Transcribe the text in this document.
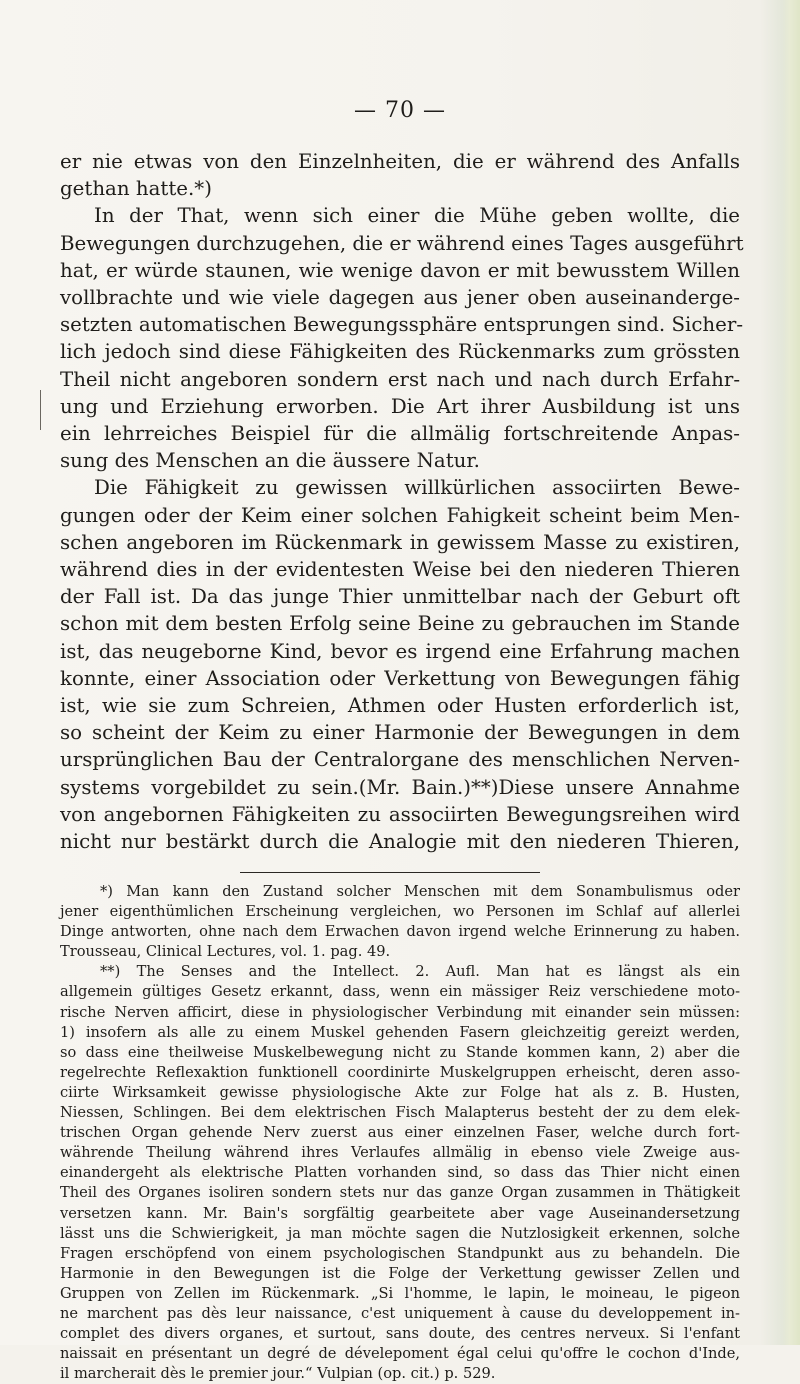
— 70 —
er nie etwas von den Einzelnheiten, die er während des Anfalls
gethan hatte.*)
In der That, wenn sich einer die Mühe geben wollte, die
Bewegungen durchzugehen, die er während eines Tages ausgeführt
hat, er würde staunen, wie wenige davon er mit bewusstem Willen
vollbrachte und wie viele dagegen aus jener oben auseinanderge-
setzten automatischen Bewegungssphäre entsprungen sind. Sicher-
lich jedoch sind diese Fähigkeiten des Rückenmarks zum grössten
Theil nicht angeboren sondern erst nach und nach durch Erfahr-
ung und Erziehung erworben. Die Art ihrer Ausbildung ist uns
ein lehrreiches Beispiel für die allmälig fortschreitende Anpas-
sung des Menschen an die äussere Natur.
Die Fähigkeit zu gewissen willkürlichen associirten Bewe-
gungen oder der Keim einer solchen Fahigkeit scheint beim Men-
schen angeboren im Rückenmark in gewissem Masse zu existiren,
während dies in der evidentesten Weise bei den niederen Thieren
der Fall ist. Da das junge Thier unmittelbar nach der Geburt oft
schon mit dem besten Erfolg seine Beine zu gebrauchen im Stande
ist, das neugeborne Kind, bevor es irgend eine Erfahrung machen
konnte, einer Association oder Verkettung von Bewegungen fähig
ist, wie sie zum Schreien, Athmen oder Husten erforderlich ist,
so scheint der Keim zu einer Harmonie der Bewegungen in dem
ursprünglichen Bau der Centralorgane des menschlichen Nerven-
systems vorgebildet zu sein.(Mr. Bain.)**)Diese unsere Annahme
von angebornen Fähigkeiten zu associirten Bewegungsreihen wird
nicht nur bestärkt durch die Analogie mit den niederen Thieren,
*) Man kann den Zustand solcher Menschen mit dem Sonambulismus oder
jener eigenthümlichen Erscheinung vergleichen, wo Personen im Schlaf auf allerlei
Dinge antworten, ohne nach dem Erwachen davon irgend welche Erinnerung zu haben.
Trousseau, Clinical Lectures, vol. 1. pag. 49.
**) The Senses and the Intellect. 2. Aufl. Man hat es längst als ein
allgemein gültiges Gesetz erkannt, dass, wenn ein mässiger Reiz verschiedene moto-
rische Nerven afficirt, diese in physiologischer Verbindung mit einander sein müssen:
1) insofern als alle zu einem Muskel gehenden Fasern gleichzeitig gereizt werden,
so dass eine theilweise Muskelbewegung nicht zu Stande kommen kann, 2) aber die
regelrechte Reflexaktion funktionell coordinirte Muskelgruppen erheischt, deren asso-
ciirte Wirksamkeit gewisse physiologische Akte zur Folge hat als z. B. Husten,
Niessen, Schlingen. Bei dem elektrischen Fisch Malapterus besteht der zu dem elek-
trischen Organ gehende Nerv zuerst aus einer einzelnen Faser, welche durch fort-
währende Theilung während ihres Verlaufes allmälig in ebenso viele Zweige aus-
einandergeht als elektrische Platten vorhanden sind, so dass das Thier nicht einen
Theil des Organes isoliren sondern stets nur das ganze Organ zusammen in Thätigkeit
versetzen kann. Mr. Bain's sorgfältig gearbeitete aber vage Auseinandersetzung
lässt uns die Schwierigkeit, ja man möchte sagen die Nutzlosigkeit erkennen, solche
Fragen erschöpfend von einem psychologischen Standpunkt aus zu behandeln. Die
Harmonie in den Bewegungen ist die Folge der Verkettung gewisser Zellen und
Gruppen von Zellen im Rückenmark. „Si l'homme, le lapin, le moineau, le pigeon
ne marchent pas dès leur naissance, c'est uniquement à cause du developpement in-
complet des divers organes, et surtout, sans doute, des centres nerveux. Si l'enfant
naissait en présentant un degré de dévelepoment égal celui qu'offre le cochon d'Inde,
il marcherait dès le premier jour.“ Vulpian (op. cit.) p. 529.
